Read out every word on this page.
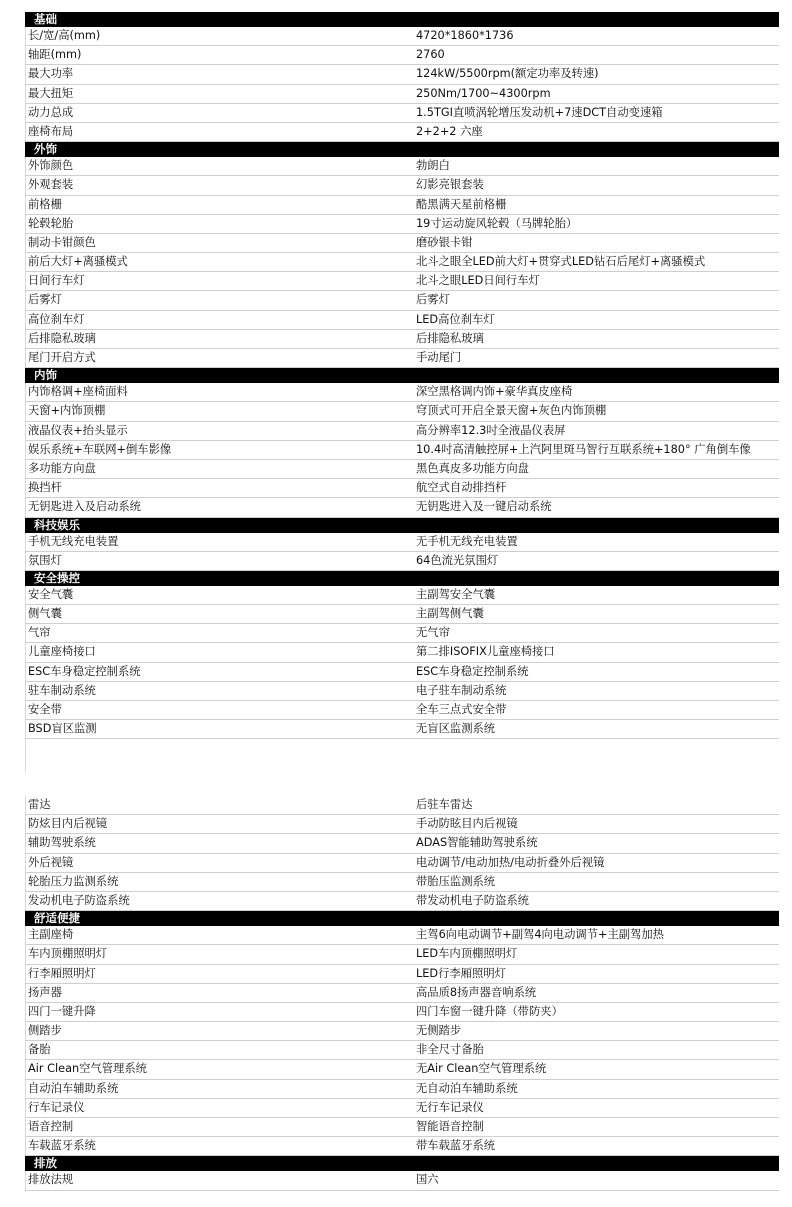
基础
长/宽/高(mm)	4720*1860*1736
轴距(mm)	2760
最大功率	124kW/5500rpm(额定功率及转速)
最大扭矩	250Nm/1700~4300rpm
动力总成	1.5TGI直喷涡轮增压发动机+7速DCT自动变速箱
座椅布局	2+2+2 六座
外饰
外饰颜色	勃朗白
外观套装	幻影亮银套装
前格栅	酷黑满天星前格栅
轮毂轮胎	19寸运动旋风轮毂（马牌轮胎）
制动卡钳颜色	磨砂银卡钳
前后大灯+离骚模式	北斗之眼全LED前大灯+贯穿式LED钻石后尾灯+离骚模式
日间行车灯	北斗之眼LED日间行车灯
后雾灯	后雾灯
高位刹车灯	LED高位刹车灯
后排隐私玻璃	后排隐私玻璃
尾门开启方式	手动尾门
内饰
内饰格调+座椅面料	深空黑格调内饰+豪华真皮座椅
天窗+内饰顶棚	穹顶式可开启全景天窗+灰色内饰顶棚
液晶仪表+抬头显示	高分辨率12.3吋全液晶仪表屏
娱乐系统+车联网+倒车影像	10.4吋高清触控屏+上汽阿里斑马智行互联系统+180° 广角倒车像
多功能方向盘	黑色真皮多功能方向盘
换挡杆	航空式自动排挡杆
无钥匙进入及启动系统	无钥匙进入及一键启动系统
科技娱乐
手机无线充电装置	无手机无线充电装置
氛围灯	64色流光氛围灯
安全操控
安全气囊	主副驾安全气囊
侧气囊	主副驾侧气囊
气帘	无气帘
儿童座椅接口	第二排ISOFIX儿童座椅接口
ESC车身稳定控制系统	ESC车身稳定控制系统
驻车制动系统	电子驻车制动系统
安全带	全车三点式安全带
BSD盲区监测	无盲区监测系统
雷达	后驻车雷达
防炫目内后视镜	手动防眩目内后视镜
辅助驾驶系统	ADAS智能辅助驾驶系统
外后视镜	电动调节/电动加热/电动折叠外后视镜
轮胎压力监测系统	带胎压监测系统
发动机电子防盗系统	带发动机电子防盗系统
舒适便捷
主副座椅	主驾6向电动调节+副驾4向电动调节+主副驾加热
车内顶棚照明灯	LED车内顶棚照明灯
行李厢照明灯	LED行李厢照明灯
扬声器	高品质8扬声器音响系统
四门一键升降	四门车窗一键升降（带防夹）
侧踏步	无侧踏步
备胎	非全尺寸备胎
Air Clean空气管理系统	无Air Clean空气管理系统
自动泊车辅助系统	无自动泊车辅助系统
行车记录仪	无行车记录仪
语音控制	智能语音控制
车载蓝牙系统	带车载蓝牙系统
排放
排放法规	国六
